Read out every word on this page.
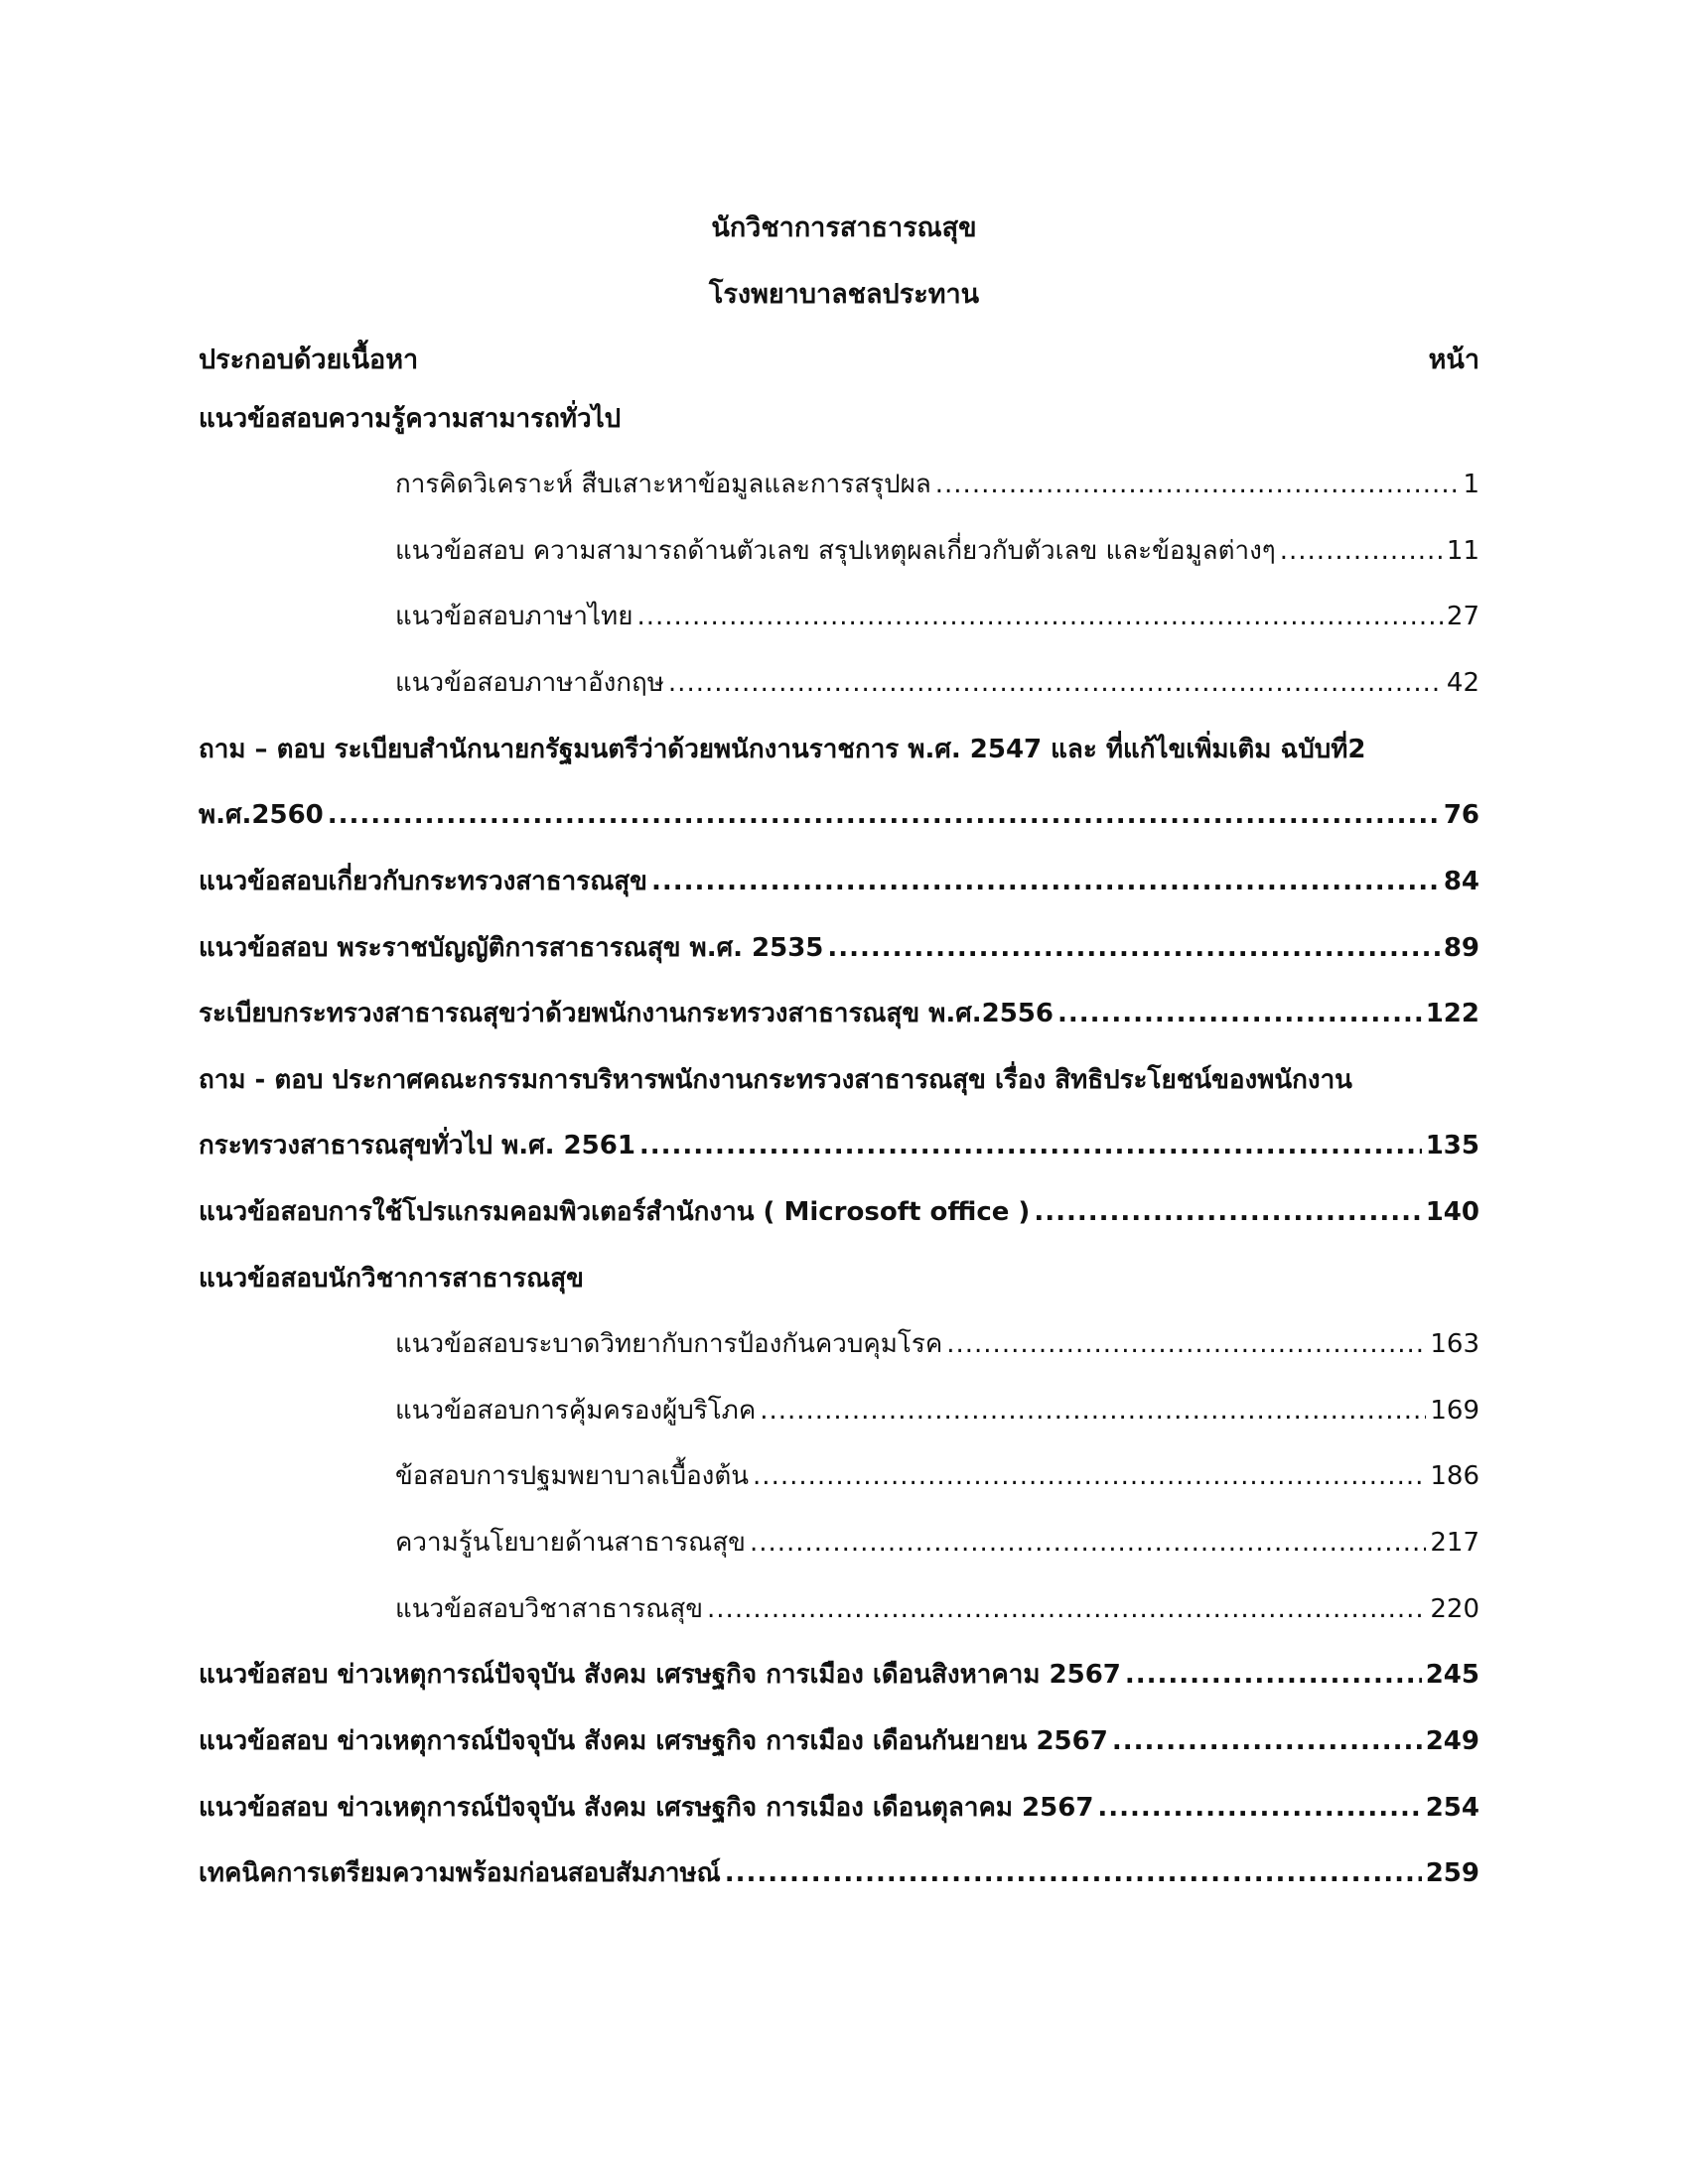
นักวิชาการสาธารณสุข
โรงพยาบาลชลประทาน
ประกอบด้วยเนื้อหา	หน้า
แนวข้อสอบความรู้ความสามารถทั่วไป
การคิดวิเคราะห์ สืบเสาะหาข้อมูลและการสรุปผล .....	1
แนวข้อสอบ ความสามารถด้านตัวเลข สรุปเหตุผลเกี่ยวกับตัวเลข และข้อมูลต่างๆ .....	11
แนวข้อสอบภาษาไทย .....	27
แนวข้อสอบภาษาอังกฤษ .....	42
ถาม – ตอบ ระเบียบสำนักนายกรัฐมนตรีว่าด้วยพนักงานราชการ พ.ศ. 2547 และ ที่แก้ไขเพิ่มเติม ฉบับที่2
พ.ศ.2560 .....	76
แนวข้อสอบเกี่ยวกับกระทรวงสาธารณสุข .....	84
แนวข้อสอบ พระราชบัญญัติการสาธารณสุข พ.ศ. 2535 .....	89
ระเบียบกระทรวงสาธารณสุขว่าด้วยพนักงานกระทรวงสาธารณสุข พ.ศ.2556 .....	122
ถาม - ตอบ ประกาศคณะกรรมการบริหารพนักงานกระทรวงสาธารณสุข เรื่อง สิทธิประโยชน์ของพนักงาน
กระทรวงสาธารณสุขทั่วไป พ.ศ. 2561 .....	135
แนวข้อสอบการใช้โปรแกรมคอมพิวเตอร์สำนักงาน ( Microsoft office ) .....	140
แนวข้อสอบนักวิชาการสาธารณสุข
แนวข้อสอบระบาดวิทยากับการป้องกันควบคุมโรค .....	163
แนวข้อสอบการคุ้มครองผู้บริโภค .....	169
ข้อสอบการปฐมพยาบาลเบื้องต้น .....	186
ความรู้นโยบายด้านสาธารณสุข .....	217
แนวข้อสอบวิชาสาธารณสุข .....	220
แนวข้อสอบ ข่าวเหตุการณ์ปัจจุบัน สังคม เศรษฐกิจ การเมือง เดือนสิงหาคาม 2567 .....	245
แนวข้อสอบ ข่าวเหตุการณ์ปัจจุบัน สังคม เศรษฐกิจ การเมือง เดือนกันยายน 2567 .....	249
แนวข้อสอบ ข่าวเหตุการณ์ปัจจุบัน สังคม เศรษฐกิจ การเมือง เดือนตุลาคม 2567 .....	254
เทคนิคการเตรียมความพร้อมก่อนสอบสัมภาษณ์ .....	259
